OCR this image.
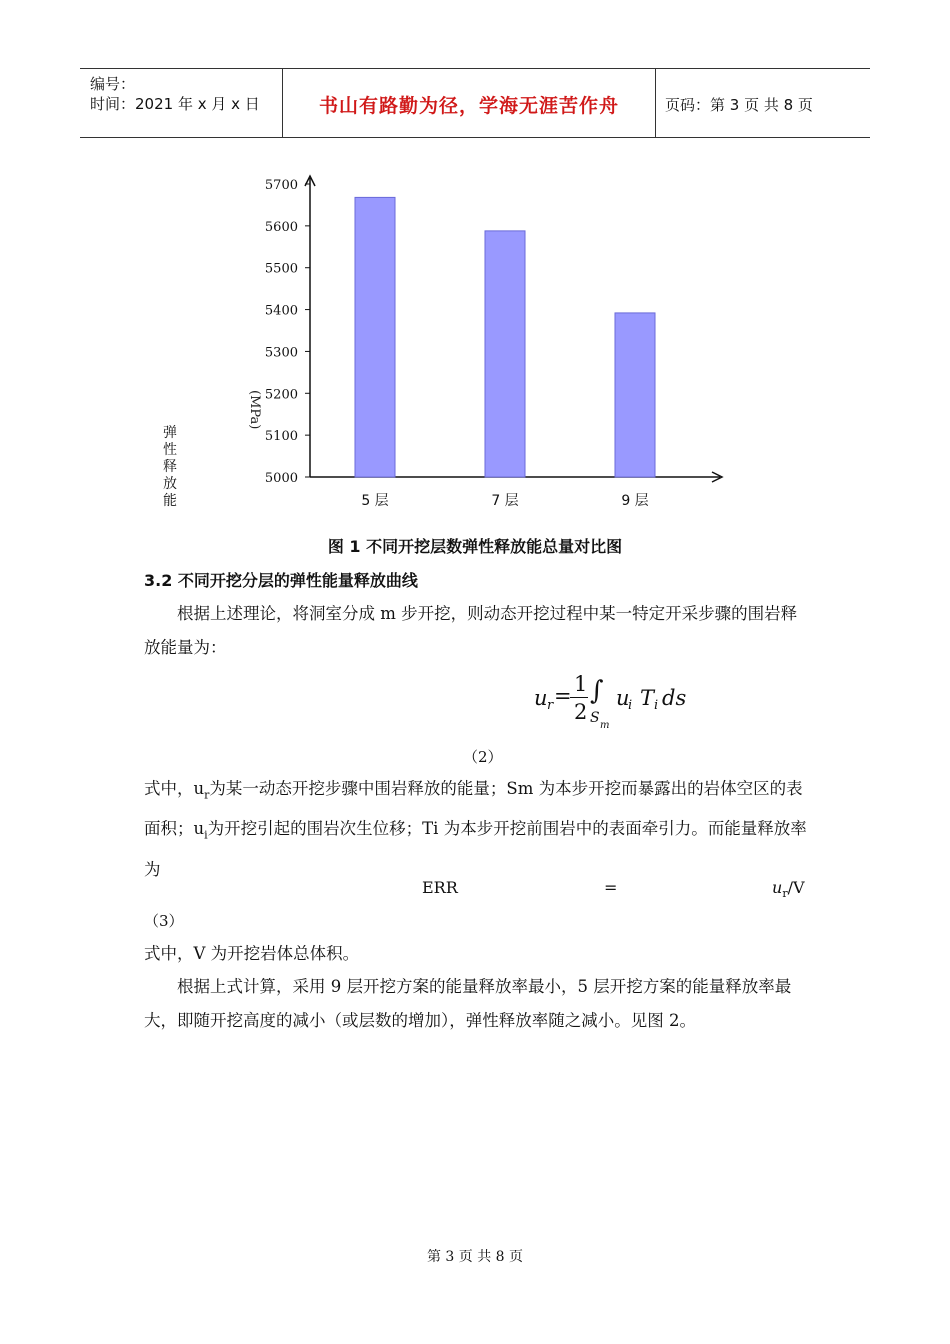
编号：
时间：2021 年 x 月 x 日	书山有路勤为径，学海无涯苦作舟	页码：第 3 页 共 8 页
5000
5100
5200
5300
5400
5500
5600
5700
5 层	7 层	9 层
弹性释放能
(MPa)
图 1 不同开挖层数弹性释放能总量对比图
3.2 不同开挖分层的弹性能量释放曲线
根据上述理论，将洞室分成 m 步开挖，则动态开挖过程中某一特定开采步骤的围岩释放能量为：
u r = 1
2
∫
S m
u
i T i ds
（2）
式中，$u_r$为某一动态开挖步骤中围岩释放的能量；Sm 为本步开挖而暴露出的岩体空区的表面积；$u_i$为开挖引起的围岩次生位移；Ti 为本步开挖前围岩中的表面牵引力。而能量释放率为
ERR	=	$u_r/V$
（3）
式中，V 为开挖岩体总体积。
根据上式计算，采用 9 层开挖方案的能量释放率最小，5 层开挖方案的能量释放率最大，即随开挖高度的减小（或层数的增加），弹性释放率随之减小。见图 2。
第 3 页 共 8 页
